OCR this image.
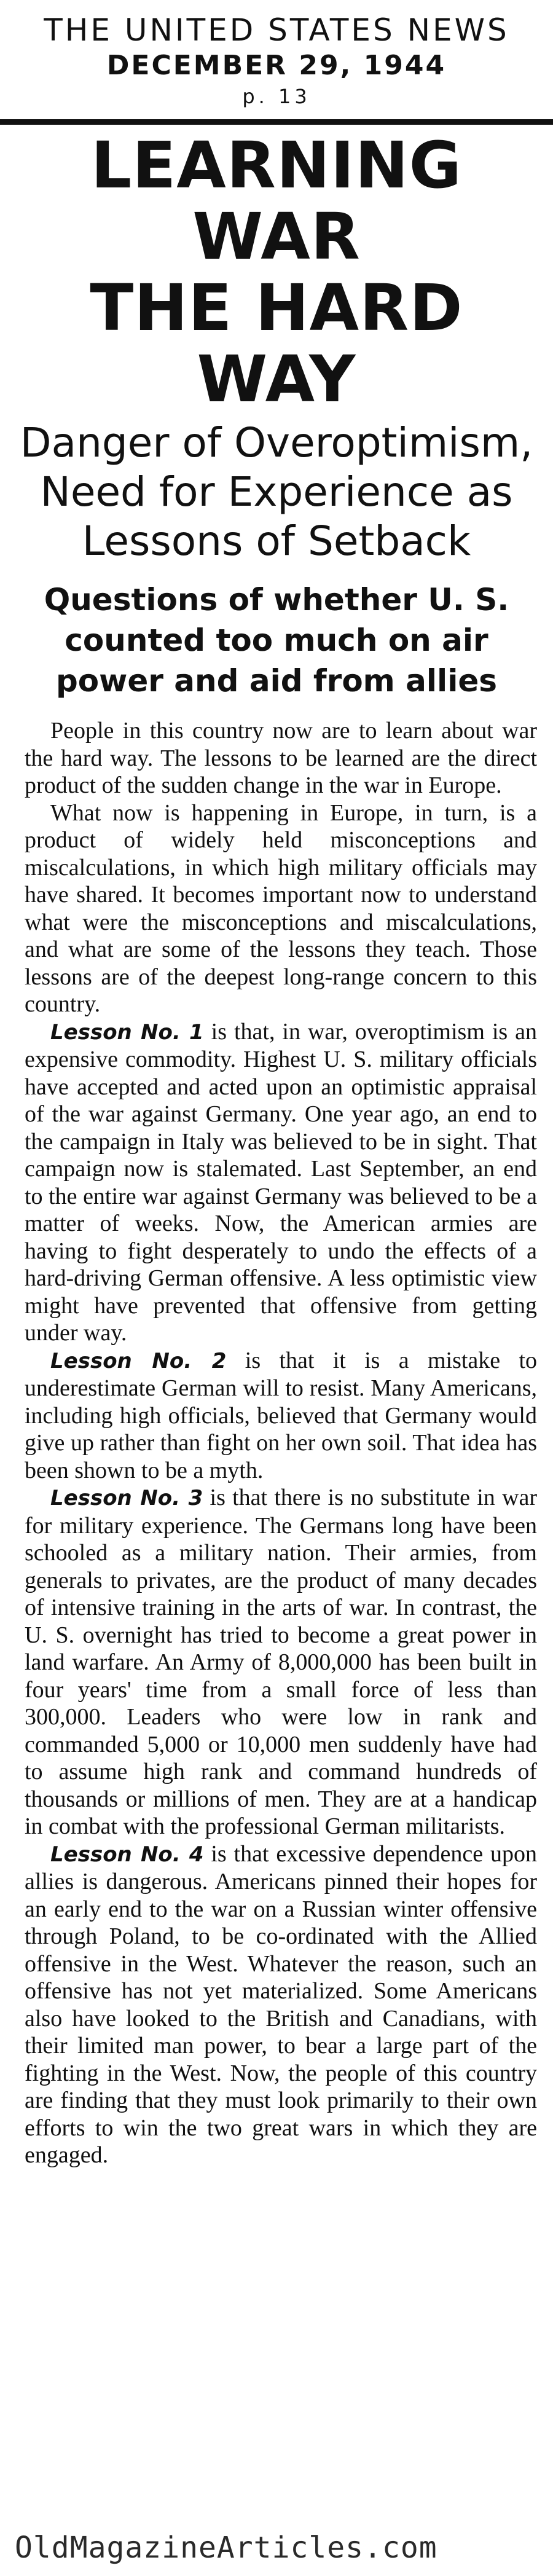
THE UNITED STATES NEWS
DECEMBER 29, 1944
p. 13
LEARNING WAR
THE HARD WAY
Danger of Overoptimism,
Need for Experience as
Lessons of Setback
Questions of whether U. S.
counted too much on air
power and aid from allies

People in this country now are to learn about war the hard way. The lessons to be learned are the direct product of the sudden change in the war in Europe.

What now is happening in Europe, in turn, is a product of widely held misconceptions and miscalculations, in which high military officials may have shared. It becomes important now to understand what were the misconceptions and miscalculations, and what are some of the lessons they teach. Those lessons are of the deepest long-range concern to this country.

Lesson No. 1 is that, in war, overoptimism is an expensive commodity. Highest U. S. military officials have accepted and acted upon an optimistic appraisal of the war against Germany. One year ago, an end to the campaign in Italy was believed to be in sight. That campaign now is stalemated. Last September, an end to the entire war against Germany was believed to be a matter of weeks. Now, the American armies are having to fight desperately to undo the effects of a hard-driving German offensive. A less optimistic view might have prevented that offensive from getting under way.

Lesson No. 2 is that it is a mistake to underestimate German will to resist. Many Americans, including high officials, believed that Germany would give up rather than fight on her own soil. That idea has been shown to be a myth.

Lesson No. 3 is that there is no substitute in war for military experience. The Germans long have been schooled as a military nation. Their armies, from generals to privates, are the product of many decades of intensive training in the arts of war. In contrast, the U. S. overnight has tried to become a great power in land warfare. An Army of 8,000,000 has been built in four years' time from a small force of less than 300,000. Leaders who were low in rank and commanded 5,000 or 10,000 men suddenly have had to assume high rank and command hundreds of thousands or millions of men. They are at a handicap in combat with the professional German militarists.

Lesson No. 4 is that excessive dependence upon allies is dangerous. Americans pinned their hopes for an early end to the war on a Russian winter offensive through Poland, to be co-ordinated with the Allied offensive in the West. Whatever the reason, such an offensive has not yet materialized. Some Americans also have looked to the British and Canadians, with their limited man power, to bear a large part of the fighting in the West. Now, the people of this country are finding that they must look primarily to their own efforts to win the two great wars in which they are engaged.

OldMagazineArticles.com
